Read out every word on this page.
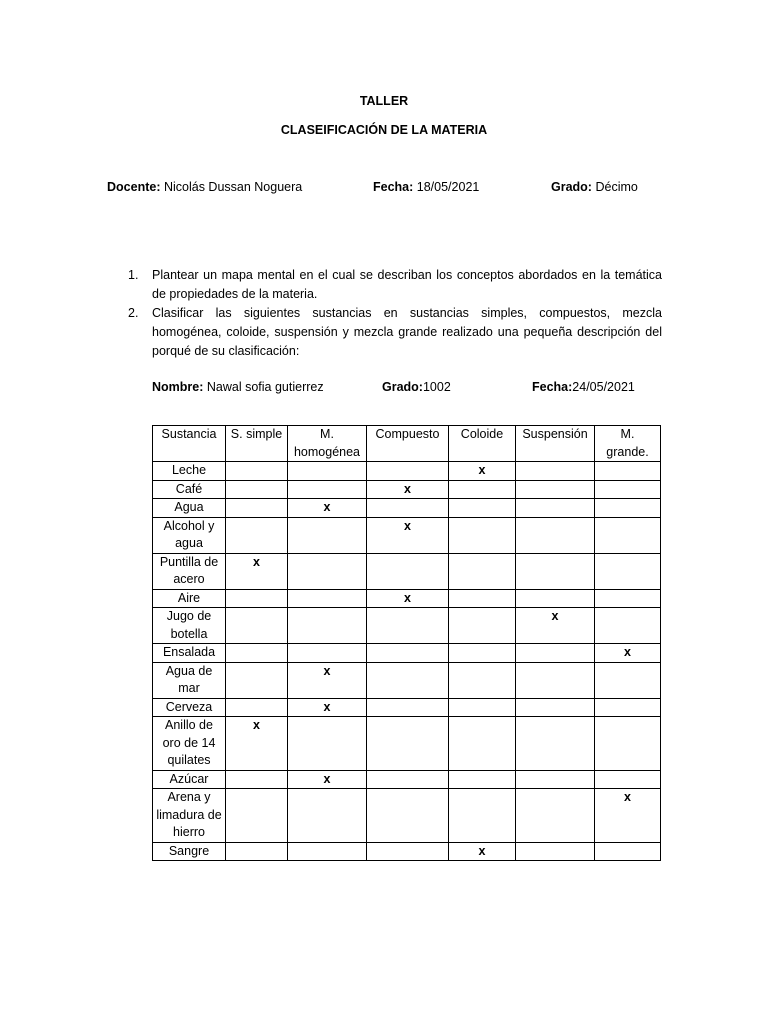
TALLER
CLASEIFICACIÓN DE LA MATERIA
Docente: Nicolás Dussan Noguera	Fecha: 18/05/2021	Grado: Décimo
1. Plantear un mapa mental en el cual se describan los conceptos abordados en la temática de propiedades de la materia.
2. Clasificar las siguientes sustancias en sustancias simples, compuestos, mezcla homogénea, coloide, suspensión y mezcla grande realizado una pequeña descripción del porqué de su clasificación:
Nombre: Nawal sofia gutierrez	Grado:1002	Fecha:24/05/2021
Sustancia	S. simple	M. homogénea	Compuesto	Coloide	Suspensión	M. grande.
Leche				x		
Café			x			
Agua		x				
Alcohol y agua			x			
Puntilla de acero	x					
Aire			x			
Jugo de botella					x	
Ensalada						x
Agua de mar		x				
Cerveza		x				
Anillo de oro de 14 quilates	x					
Azúcar		x				
Arena y limadura de hierro						x
Sangre				x		
